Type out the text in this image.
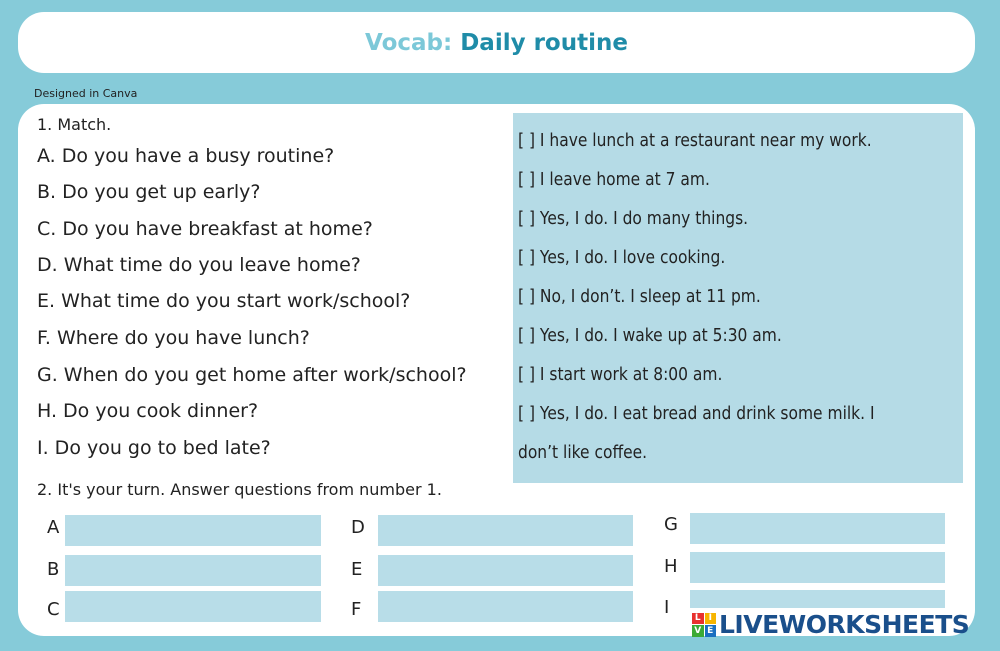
Vocab: Daily routine
Designed in Canva
1. Match.
A. Do you have a busy routine?
B. Do you get up early?
C. Do you have breakfast at home?
D. What time do you leave home?
E. What time do you start work/school?
F. Where do you have lunch?
G. When do you get home after work/school?
H. Do you cook dinner?
I. Do you go to bed late?
[ ] I have lunch at a restaurant near my work.
[ ] I leave home at 7 am.
[ ] Yes, I do. I do many things.
[ ] Yes, I do. I love cooking.
[ ] No, I don’t. I sleep at 11 pm.
[ ] Yes, I do. I wake up at 5:30 am.
[ ] I start work at 8:00 am.
[ ] Yes, I do. I eat bread and drink some milk. I
don’t like coffee.
2. It's your turn. Answer questions from number 1.
A
B
C
D
E
F
G
H
I
L I
V E LIVEWORKSHEETS
